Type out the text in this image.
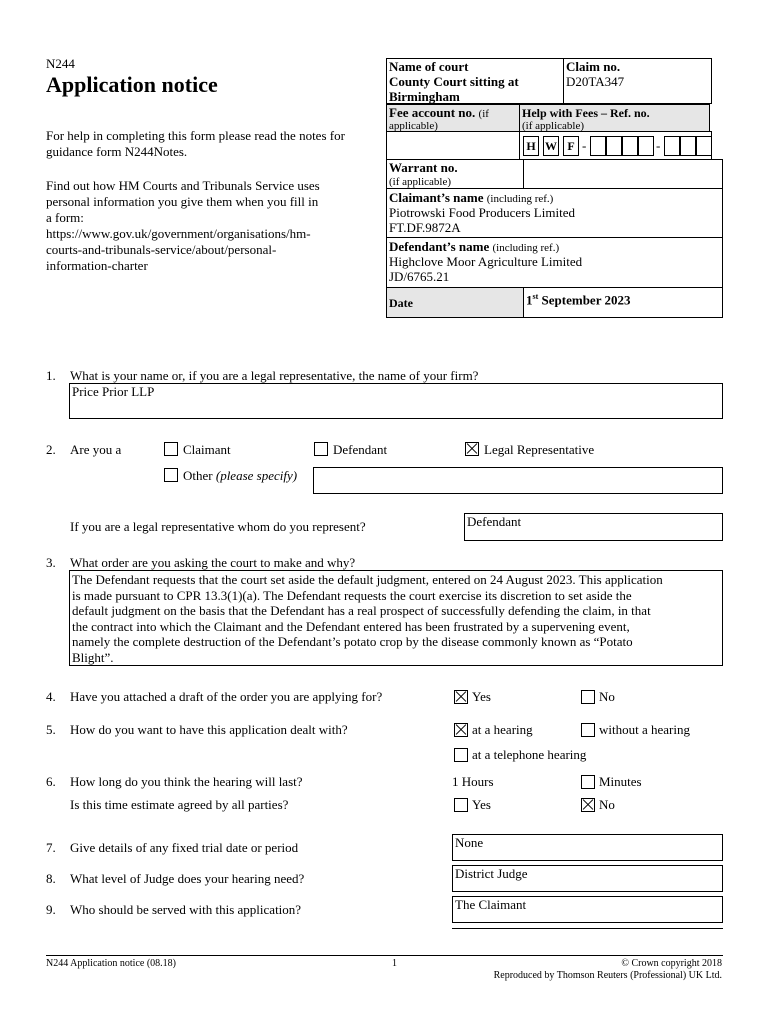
N244
Application notice
For help in completing this form please read the notes for guidance form N244Notes.
Find out how HM Courts and Tribunals Service uses
personal information you give them when you fill in
a form:
https://www.gov.uk/government/organisations/hm-
courts-and-tribunals-service/about/personal-
information-charter
Name of court
County Court sitting at
Birmingham
Claim no.
D20TA347
Fee account no. (if
applicable)
Help with Fees – Ref. no.
(if applicable)
H W F -	-
Warrant no.
(if applicable)
Claimant’s name (including ref.)
Piotrowski Food Producers Limited
FT.DF.9872A
Defendant’s name (including ref.)
Highclove Moor Agriculture Limited
JD/6765.21
Date	1st September 2023
1.	What is your name or, if you are a legal representative, the name of your firm?
Price Prior LLP
2.	Are you a	Claimant	Defendant	Legal Representative
Other (please specify)
If you are a legal representative whom do you represent?	Defendant
3.	What order are you asking the court to make and why?
The Defendant requests that the court set aside the default judgment, entered on 24 August 2023. This application
is made pursuant to CPR 13.3(1)(a). The Defendant requests the court exercise its discretion to set aside the
default judgment on the basis that the Defendant has a real prospect of successfully defending the claim, in that
the contract into which the Claimant and the Defendant entered has been frustrated by a supervening event,
namely the complete destruction of the Defendant’s potato crop by the disease commonly known as “Potato
Blight”.
4.	Have you attached a draft of the order you are applying for?	Yes	No
5.	How do you want to have this application dealt with?	at a hearing	without a hearing
at a telephone hearing
6.	How long do you think the hearing will last?	1 Hours	Minutes
Is this time estimate agreed by all parties?	Yes	No
7.	Give details of any fixed trial date or period	None
8.	What level of Judge does your hearing need?	District Judge
9.	Who should be served with this application?	The Claimant
N244 Application notice (08.18)	1	© Crown copyright 2018
Reproduced by Thomson Reuters (Professional) UK Ltd.
